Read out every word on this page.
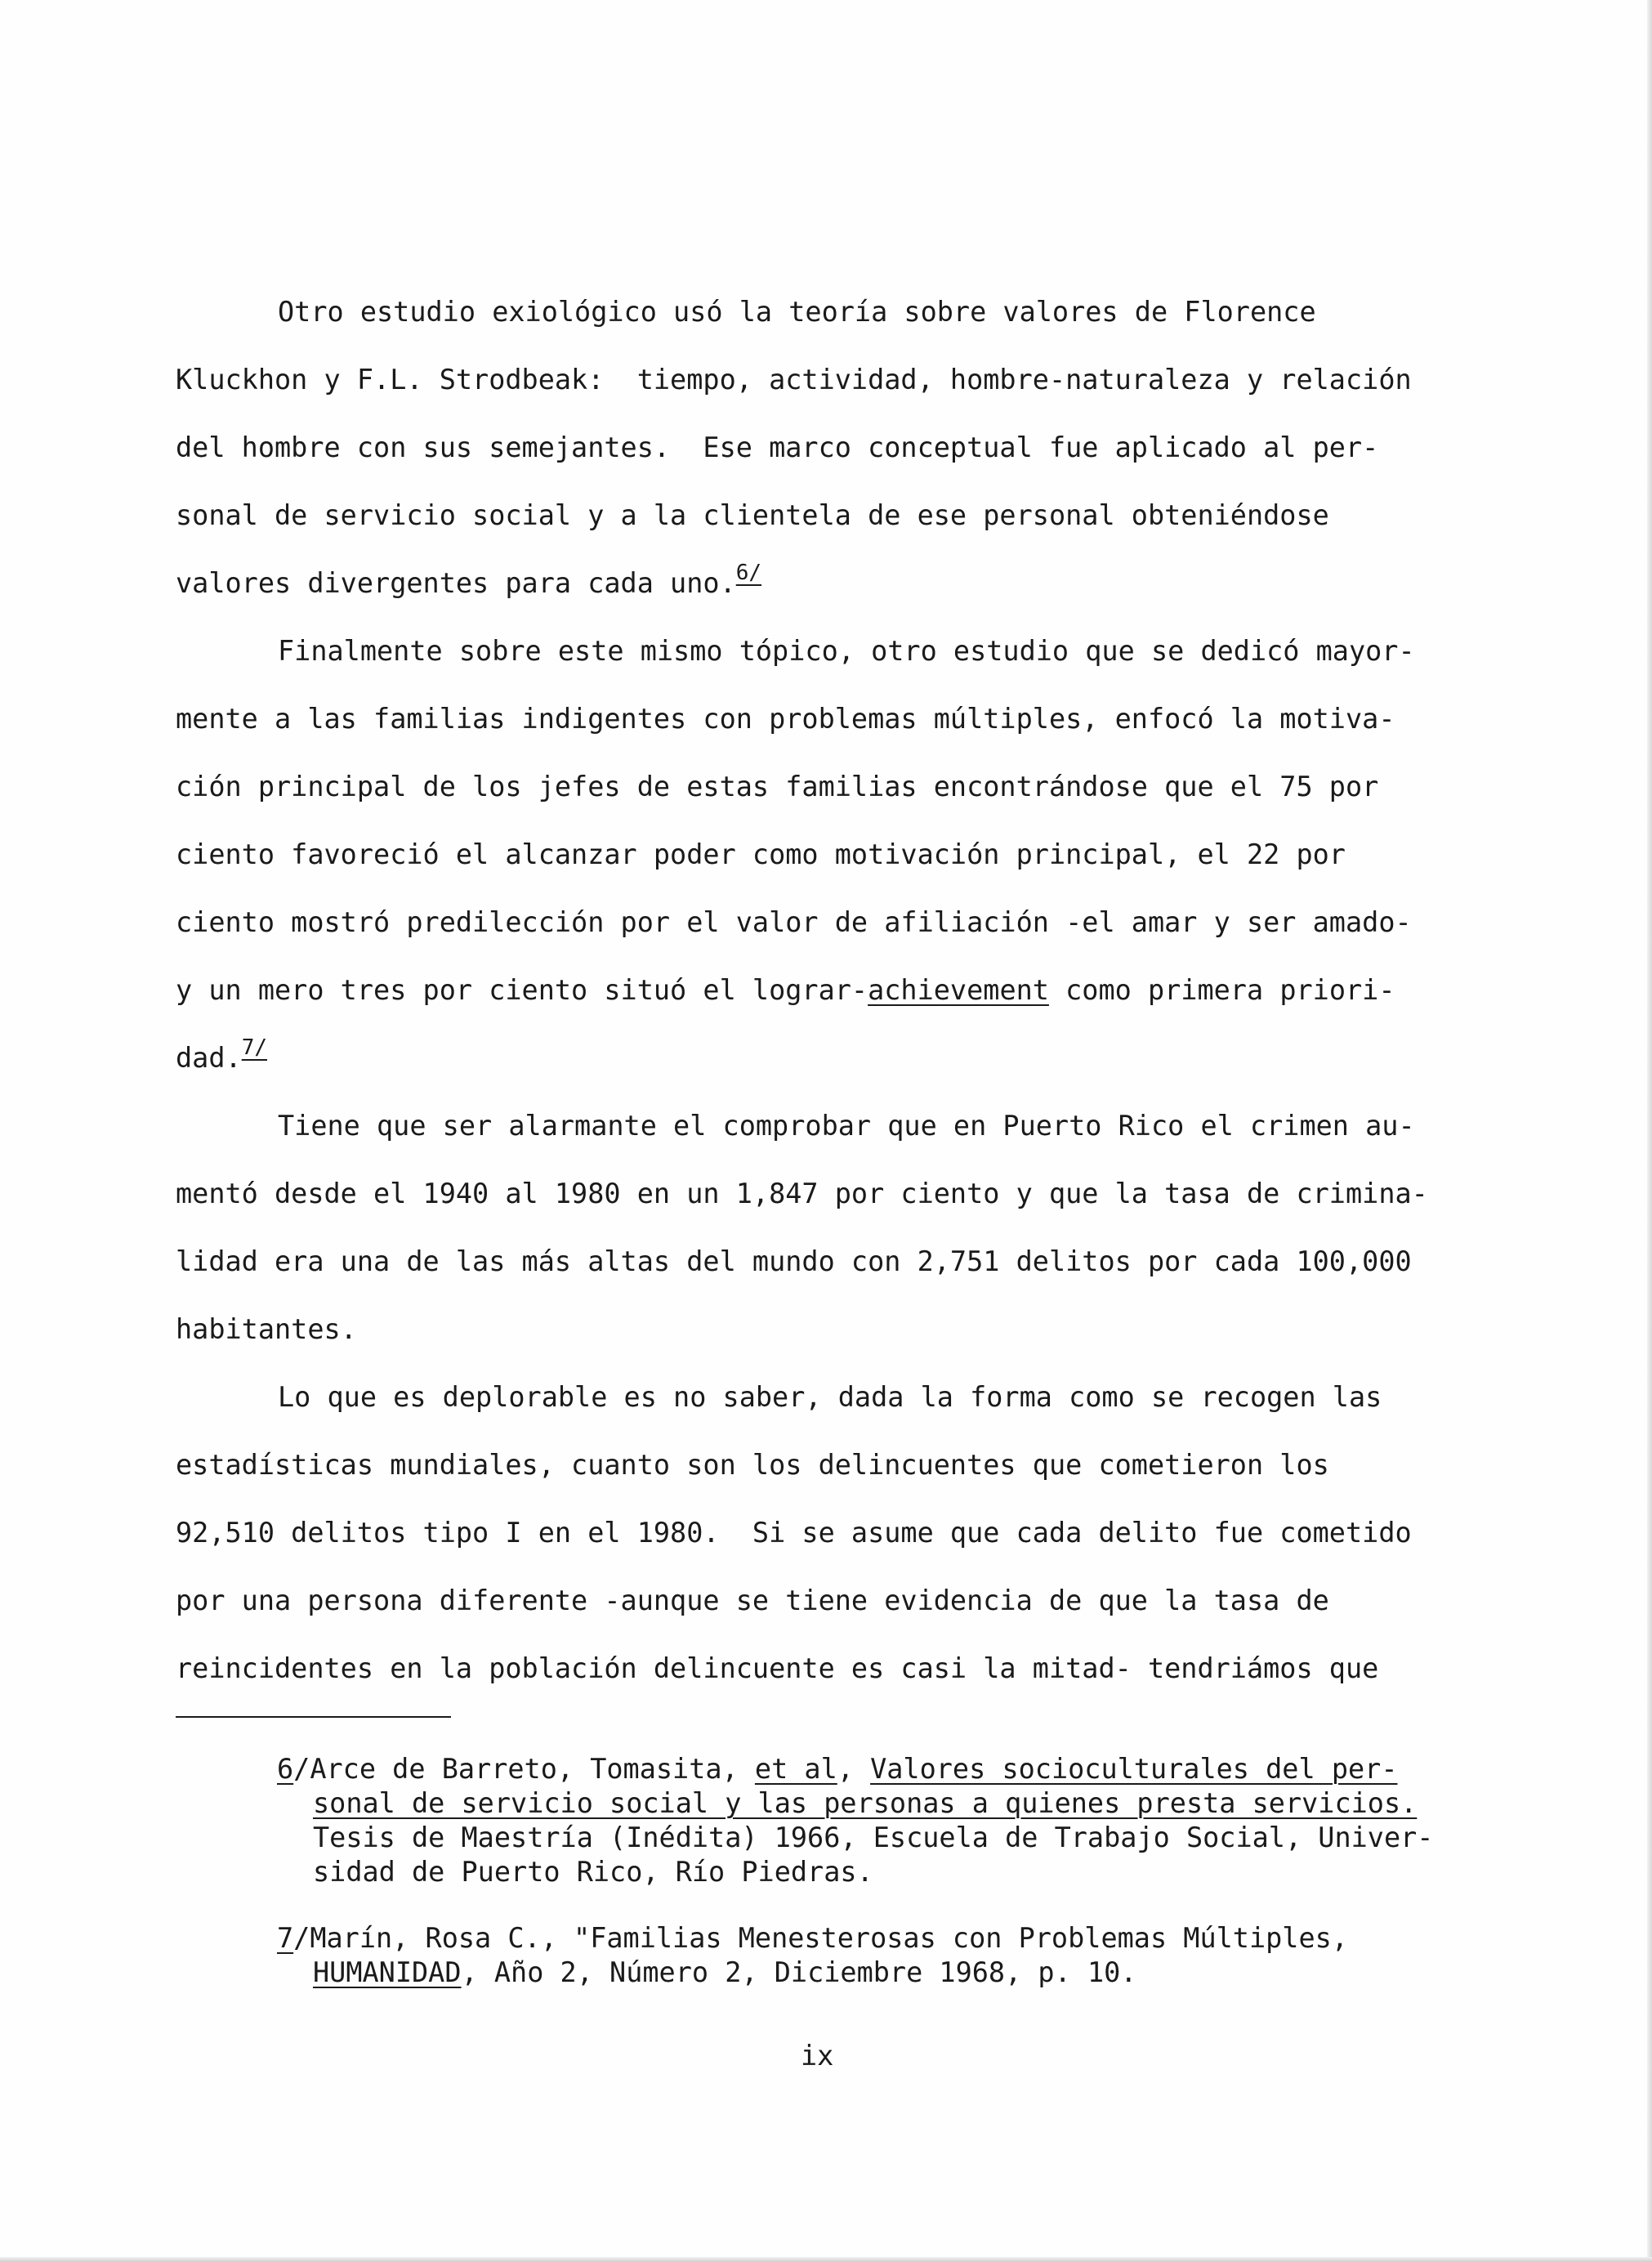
Otro estudio exiológico usó la teoría sobre valores de Florence
Kluckhon y F.L. Strodbeak:  tiempo, actividad, hombre-naturaleza y relación
del hombre con sus semejantes.  Ese marco conceptual fue aplicado al per-
sonal de servicio social y a la clientela de ese personal obteniéndose
valores divergentes para cada uno.$^{6/}$
Finalmente sobre este mismo tópico, otro estudio que se dedicó mayor-
mente a las familias indigentes con problemas múltiples, enfocó la motiva-
ción principal de los jefes de estas familias encontrándose que el 75 por
ciento favoreció el alcanzar poder como motivación principal, el 22 por
ciento mostró predilección por el valor de afiliación -el amar y ser amado-
y un mero tres por ciento situó el lograr-achievement como primera priori-
dad.$^{7/}$
Tiene que ser alarmante el comprobar que en Puerto Rico el crimen au-
mentó desde el 1940 al 1980 en un 1,847 por ciento y que la tasa de crimina-
lidad era una de las más altas del mundo con 2,751 delitos por cada 100,000
habitantes.
Lo que es deplorable es no saber, dada la forma como se recogen las
estadísticas mundiales, cuanto son los delincuentes que cometieron los
92,510 delitos tipo I en el 1980.  Si se asume que cada delito fue cometido
por una persona diferente -aunque se tiene evidencia de que la tasa de
reincidentes en la población delincuente es casi la mitad- tendriámos que
6/Arce de Barreto, Tomasita, et al, Valores socioculturales del per-
sonal de servicio social y las personas a quienes presta servicios.
Tesis de Maestría (Inédita) 1966, Escuela de Trabajo Social, Univer-
sidad de Puerto Rico, Río Piedras.
7/Marín, Rosa C., "Familias Menesterosas con Problemas Múltiples,
HUMANIDAD, Año 2, Número 2, Diciembre 1968, p. 10.
ix
